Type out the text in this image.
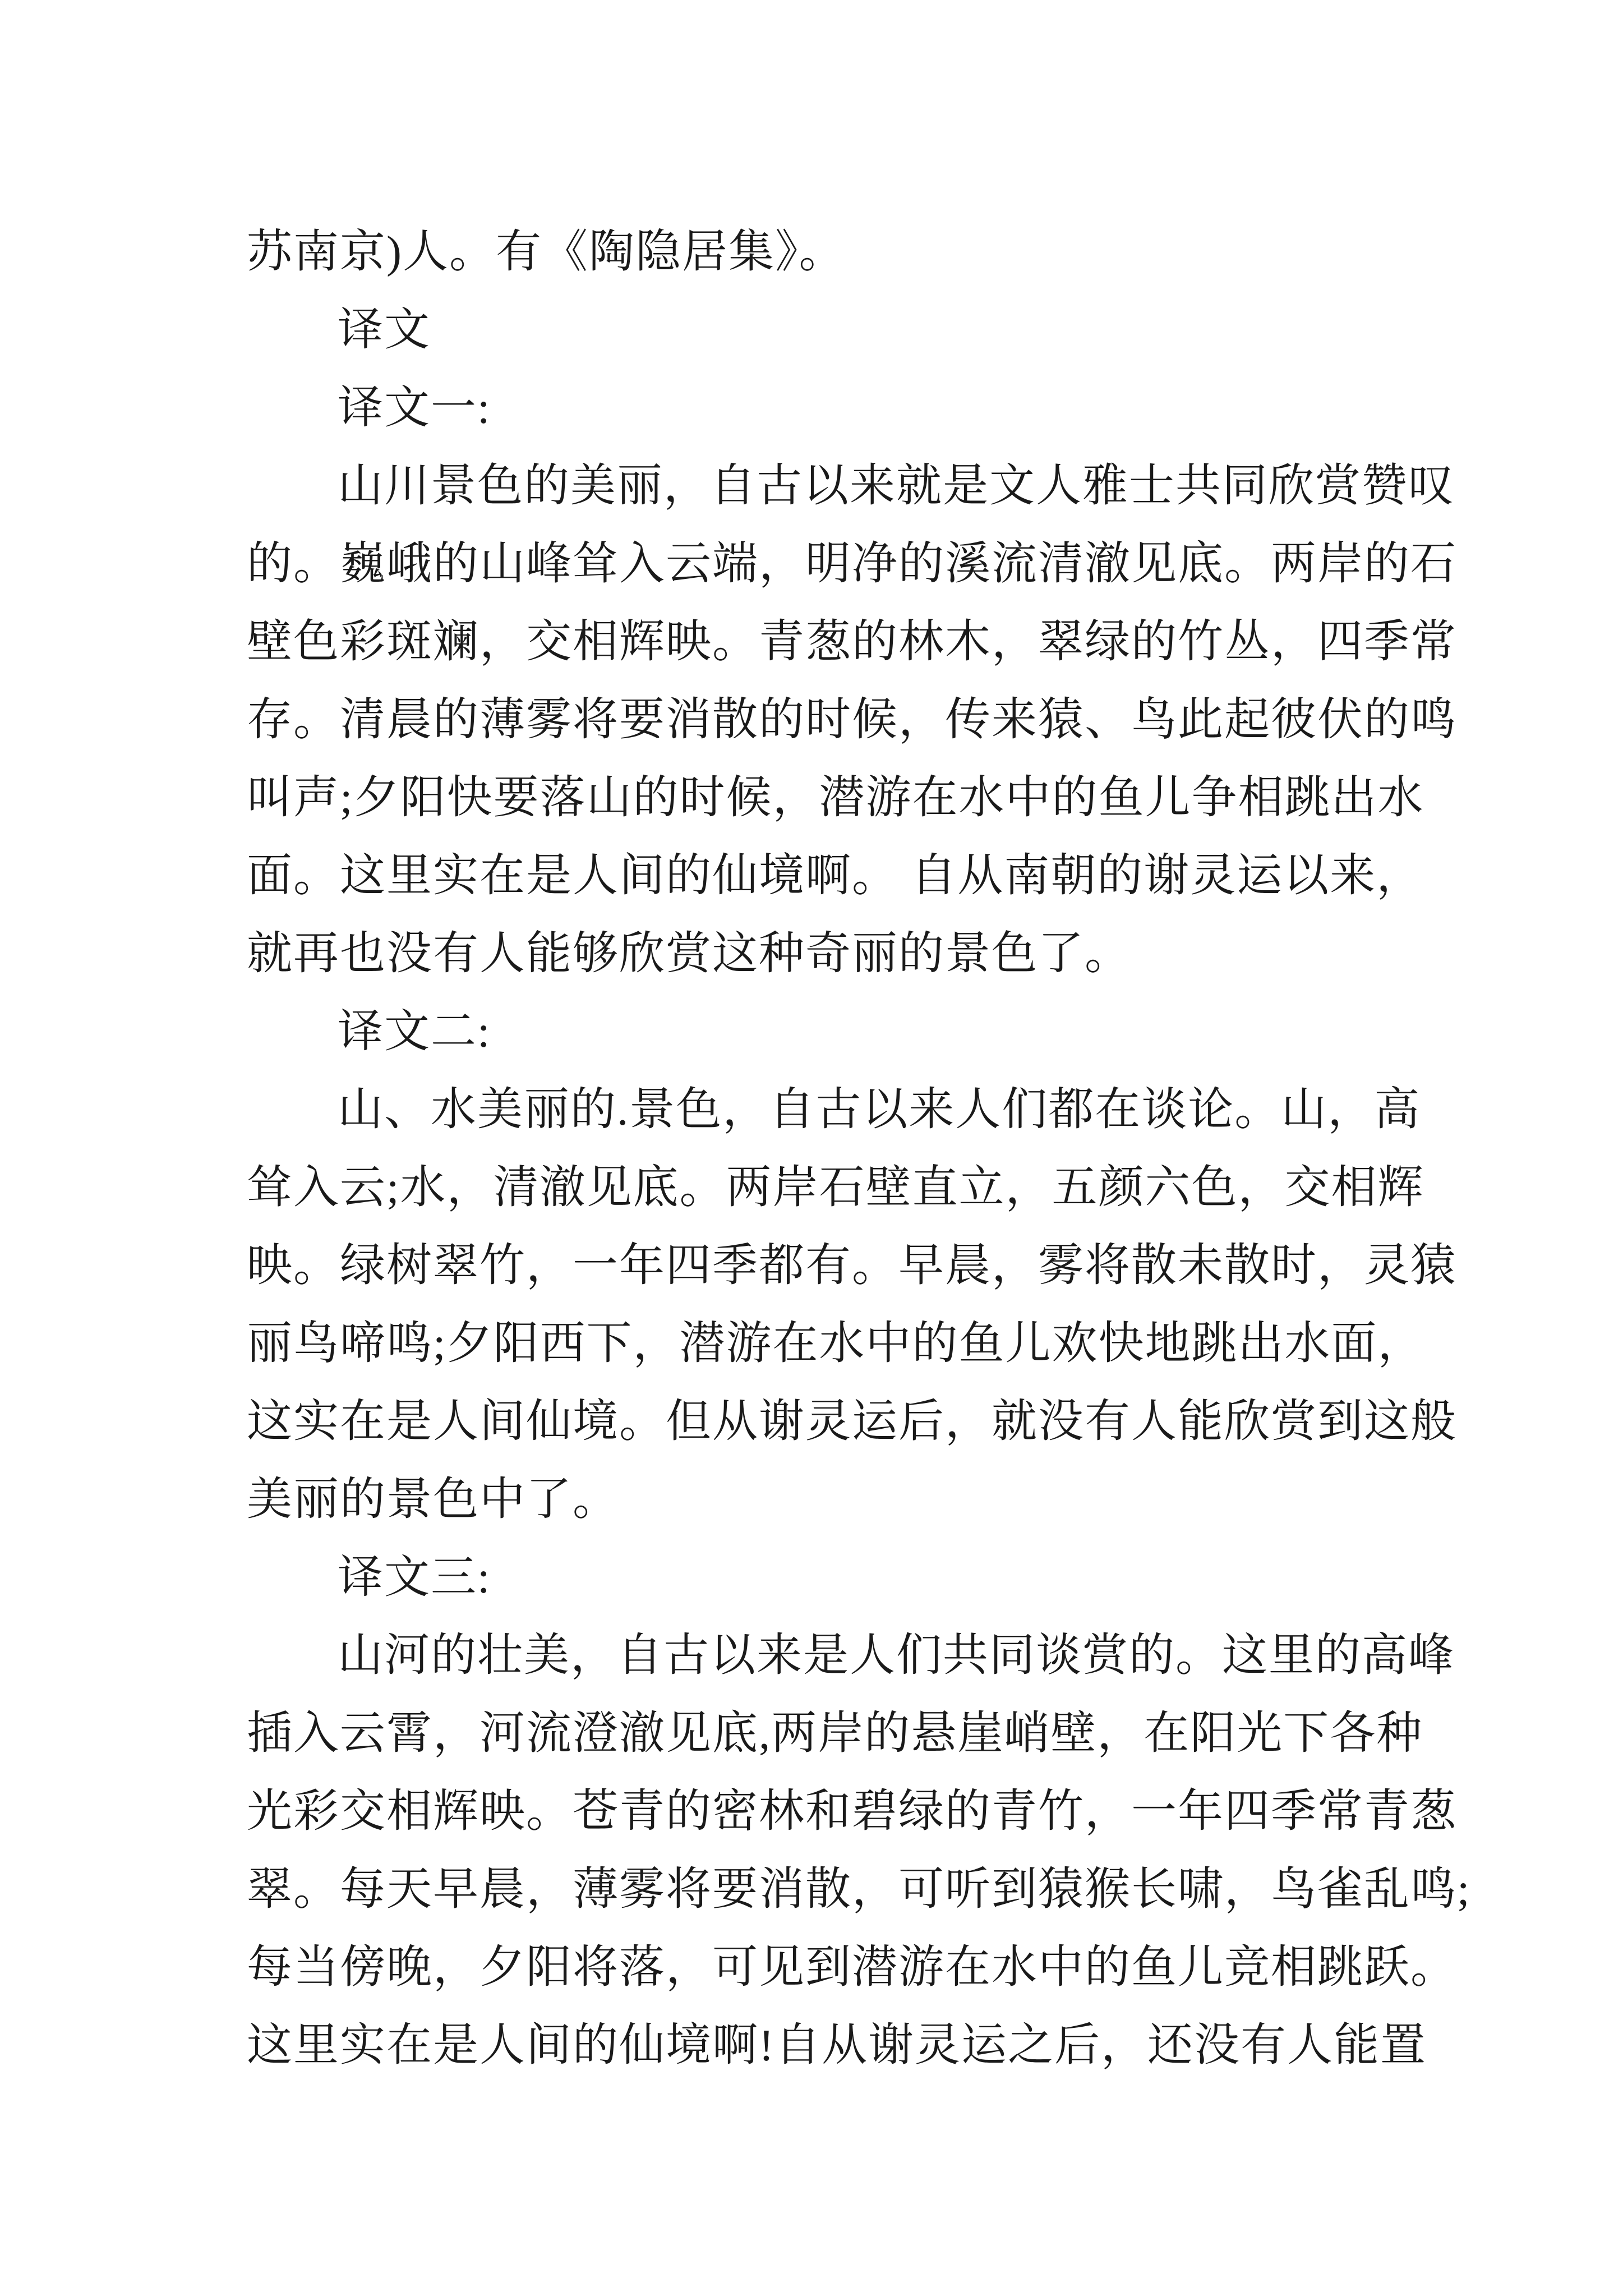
苏南京)人。有《陶隐居集》。
译文
译文一:
山川景色的美丽，自古以来就是文人雅士共同欣赏赞叹
的。巍峨的山峰耸入云端，明净的溪流清澈见底。两岸的石
壁色彩斑斓，交相辉映。青葱的林木，翠绿的竹丛，四季常
存。清晨的薄雾将要消散的时候，传来猿、鸟此起彼伏的鸣
叫声;夕阳快要落山的时候，潜游在水中的鱼儿争相跳出水
面。这里实在是人间的仙境啊。 自从南朝的谢灵运以来，
就再也没有人能够欣赏这种奇丽的景色了。
译文二:
山、水美丽的.景色，自古以来人们都在谈论。山，高
耸入云;水，清澈见底。两岸石壁直立，五颜六色，交相辉
映。绿树翠竹，一年四季都有。早晨，雾将散未散时，灵猿
丽鸟啼鸣;夕阳西下，潜游在水中的鱼儿欢快地跳出水面，
这实在是人间仙境。但从谢灵运后，就没有人能欣赏到这般
美丽的景色中了。
译文三:
山河的壮美，自古以来是人们共同谈赏的。这里的高峰
插入云霄，河流澄澈见底,两岸的悬崖峭壁，在阳光下各种
光彩交相辉映。苍青的密林和碧绿的青竹，一年四季常青葱
翠。每天早晨，薄雾将要消散，可听到猿猴长啸，鸟雀乱鸣;
每当傍晚，夕阳将落，可见到潜游在水中的鱼儿竞相跳跃。
这里实在是人间的仙境啊!自从谢灵运之后，还没有人能置
